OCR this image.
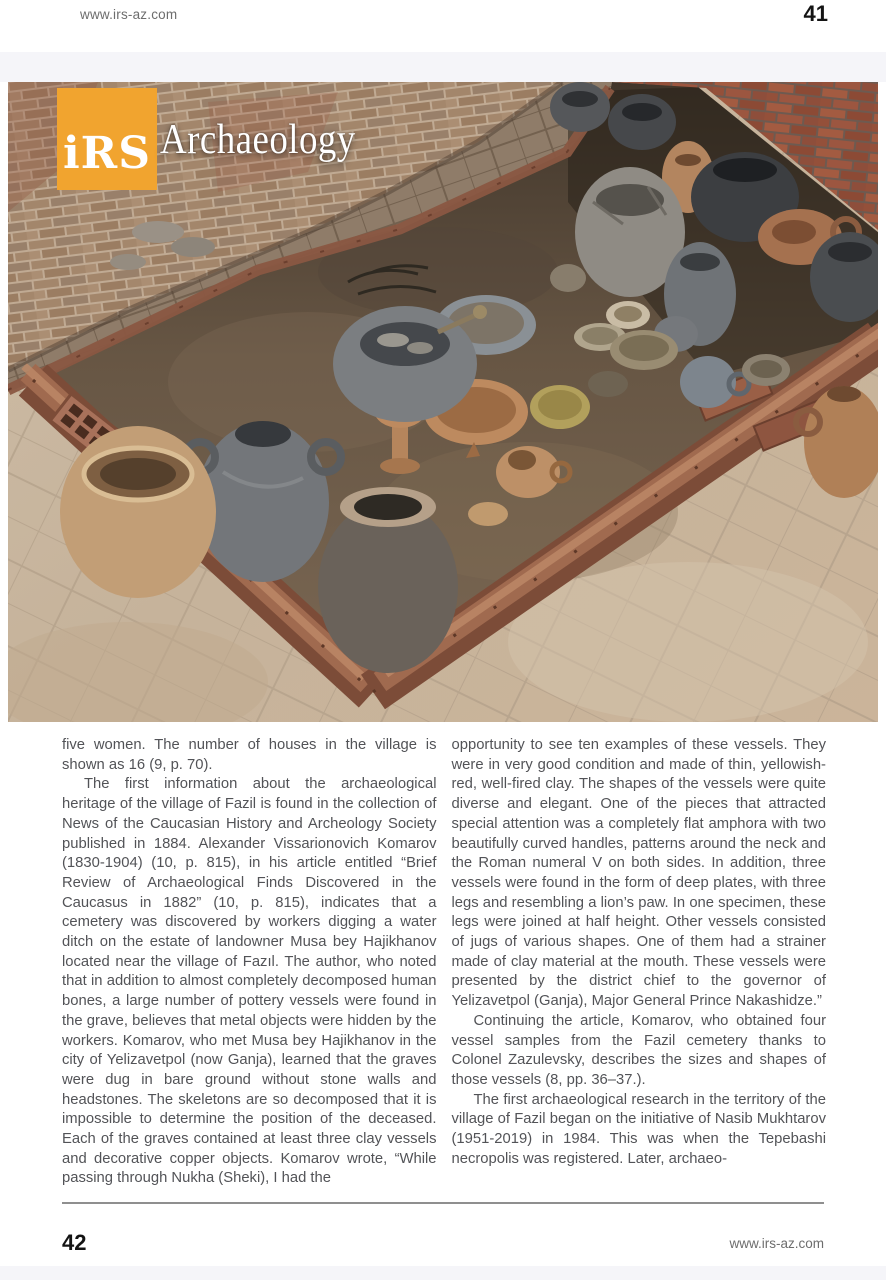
www.irs-az.com	41
iRS Archaeology

five women. The number of houses in the village is shown as 16 (9, p. 70).

The first information about the archaeological heritage of the village of Fazil is found in the collection of News of the Caucasian History and Archeology Society published in 1884. Alexander Vissarionovich Komarov (1830-1904) (10, p. 815), in his article entitled “Brief Review of Archaeological Finds Discovered in the Caucasus in 1882” (10, p. 815), indicates that a cemetery was discovered by workers digging a water ditch on the estate of landowner Musa bey Hajikhanov located near the village of Fazıl. The author, who noted that in addition to almost completely decomposed human bones, a large number of pottery vessels were found in the grave, believes that metal objects were hidden by the workers. Komarov, who met Musa bey Hajikhanov in the city of Yelizavetpol (now Ganja), learned that the graves were dug in bare ground without stone walls and headstones. The skeletons are so decomposed that it is impossible to determine the position of the deceased. Each of the graves contained at least three clay vessels and decorative copper objects. Komarov wrote, “While passing through Nukha (Sheki), I had the

opportunity to see ten examples of these vessels. They were in very good condition and made of thin, yellowish-red, well-fired clay. The shapes of the vessels were quite diverse and elegant. One of the pieces that attracted special attention was a completely flat amphora with two beautifully curved handles, patterns around the neck and the Roman numeral V on both sides. In addition, three vessels were found in the form of deep plates, with three legs and resembling a lion’s paw. In one specimen, these legs were joined at half height. Other vessels consisted of jugs of various shapes. One of them had a strainer made of clay material at the mouth. These vessels were presented by the district chief to the governor of Yelizavetpol (Ganja), Major General Prince Nakashidze.”

Continuing the article, Komarov, who obtained four vessel samples from the Fazil cemetery thanks to Colonel Zazulevsky, describes the sizes and shapes of those vessels (8, pp. 36–37.).

The first archaeological research in the territory of the village of Fazil began on the initiative of Nasib Mukhtarov (1951-2019) in 1984. This was when the Tepebashi necropolis was registered. Later, archaeo-

42	www.irs-az.com
